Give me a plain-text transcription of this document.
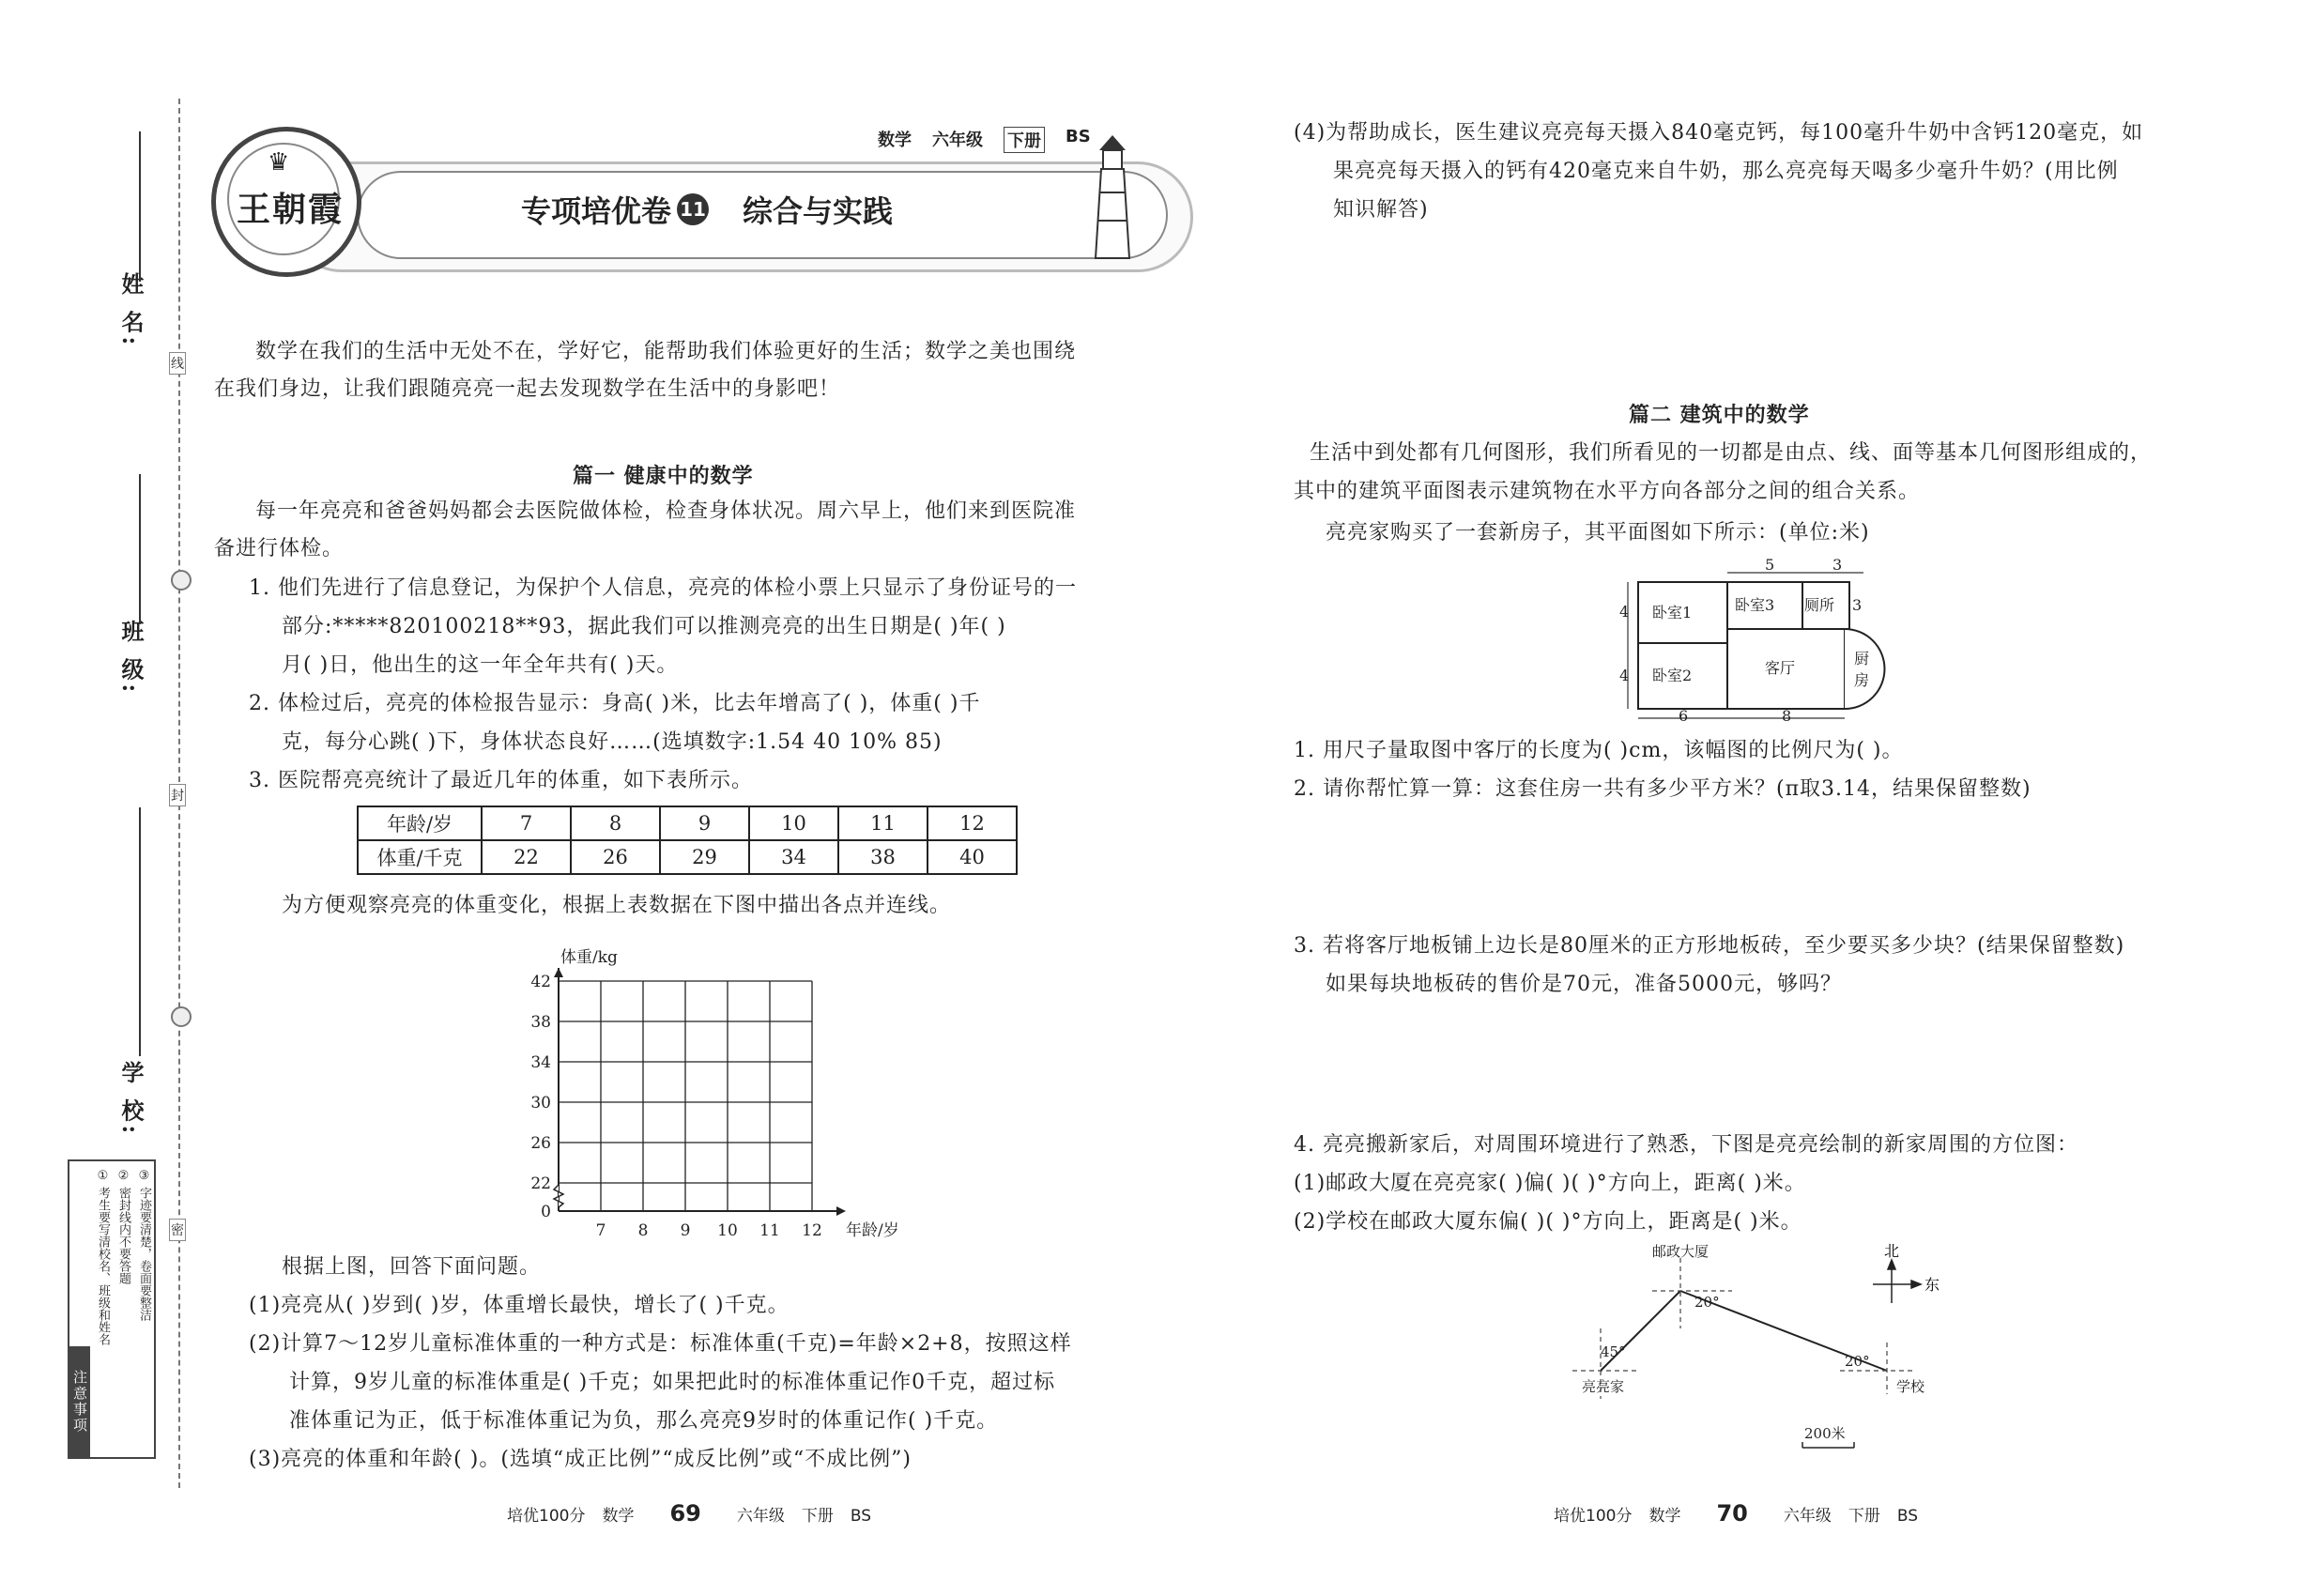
姓 名:
班 级:
学 校:
线
封
密
注意事项
① 考生要写清校名、班级和姓名 ② 密封线内不要答题 ③ 字迹要清楚，卷面要整洁
♛
王朝霞
数学 六年级 下册 BS
专项培优卷 11 综合与实践
数学在我们的生活中无处不在，学好它，能帮助我们体验更好的生活；数学之美也围绕
在我们身边，让我们跟随亮亮一起去发现数学在生活中的身影吧！
篇一 健康中的数学
每一年亮亮和爸爸妈妈都会去医院做体检，检查身体状况。周六早上，他们来到医院准
备进行体检。
1. 他们先进行了信息登记，为保护个人信息，亮亮的体检小票上只显示了身份证号的一
部分:*****820100218**93，据此我们可以推测亮亮的出生日期是( )年( )
月( )日，他出生的这一年全年共有( )天。
2. 体检过后，亮亮的体检报告显示：身高( )米，比去年增高了( )，体重( )千
克，每分心跳( )下，身体状态良好……(选填数字:1.54 40 10% 85)
3. 医院帮亮亮统计了最近几年的体重，如下表所示。
年龄/岁	7	8	9	10	11	12
体重/千克	22	26	29	34	38	40
为方便观察亮亮的体重变化，根据上表数据在下图中描出各点并连线。
0
22
26
30
34
38
42
7 8 9 10 11 12 年龄/岁
体重/kg
根据上图，回答下面问题。
(1)亮亮从( )岁到( )岁，体重增长最快，增长了( )千克。
(2)计算7～12岁儿童标准体重的一种方式是：标准体重(千克)=年龄×2+8，按照这样
计算，9岁儿童的标准体重是( )千克；如果把此时的标准体重记作0千克，超过标
准体重记为正，低于标准体重记为负，那么亮亮9岁时的体重记作( )千克。
(3)亮亮的体重和年龄( )。(选填“成正比例”“成反比例”或“不成比例”)
培优100分 数学 69 六年级 下册 BS
(4)为帮助成长，医生建议亮亮每天摄入840毫克钙，每100毫升牛奶中含钙120毫克，如
果亮亮每天摄入的钙有420毫克来自牛奶，那么亮亮每天喝多少毫升牛奶？(用比例
知识解答)
篇二 建筑中的数学
生活中到处都有几何图形，我们所看见的一切都是由点、线、面等基本几何图形组成的，
其中的建筑平面图表示建筑物在水平方向各部分之间的组合关系。
亮亮家购买了一套新房子，其平面图如下所示：(单位:米)
卧室1
卧室2
卧室3 厕所
客厅
厨
房
5	3
4
4
3
6	8
1. 用尺子量取图中客厅的长度为( )cm，该幅图的比例尺为( )。
2. 请你帮忙算一算：这套住房一共有多少平方米？(π取3.14，结果保留整数)
3. 若将客厅地板铺上边长是80厘米的正方形地板砖，至少要买多少块？(结果保留整数)
如果每块地板砖的售价是70元，准备5000元，够吗？
4. 亮亮搬新家后，对周围环境进行了熟悉，下图是亮亮绘制的新家周围的方位图：
(1)邮政大厦在亮亮家( )偏( )( )°方向上，距离( )米。
(2)学校在邮政大厦东偏( )( )°方向上，距离是( )米。
北
东
邮政大厦
亮亮家	学校
45°
20°
20°
200米
培优100分 数学 70 六年级 下册 BS
